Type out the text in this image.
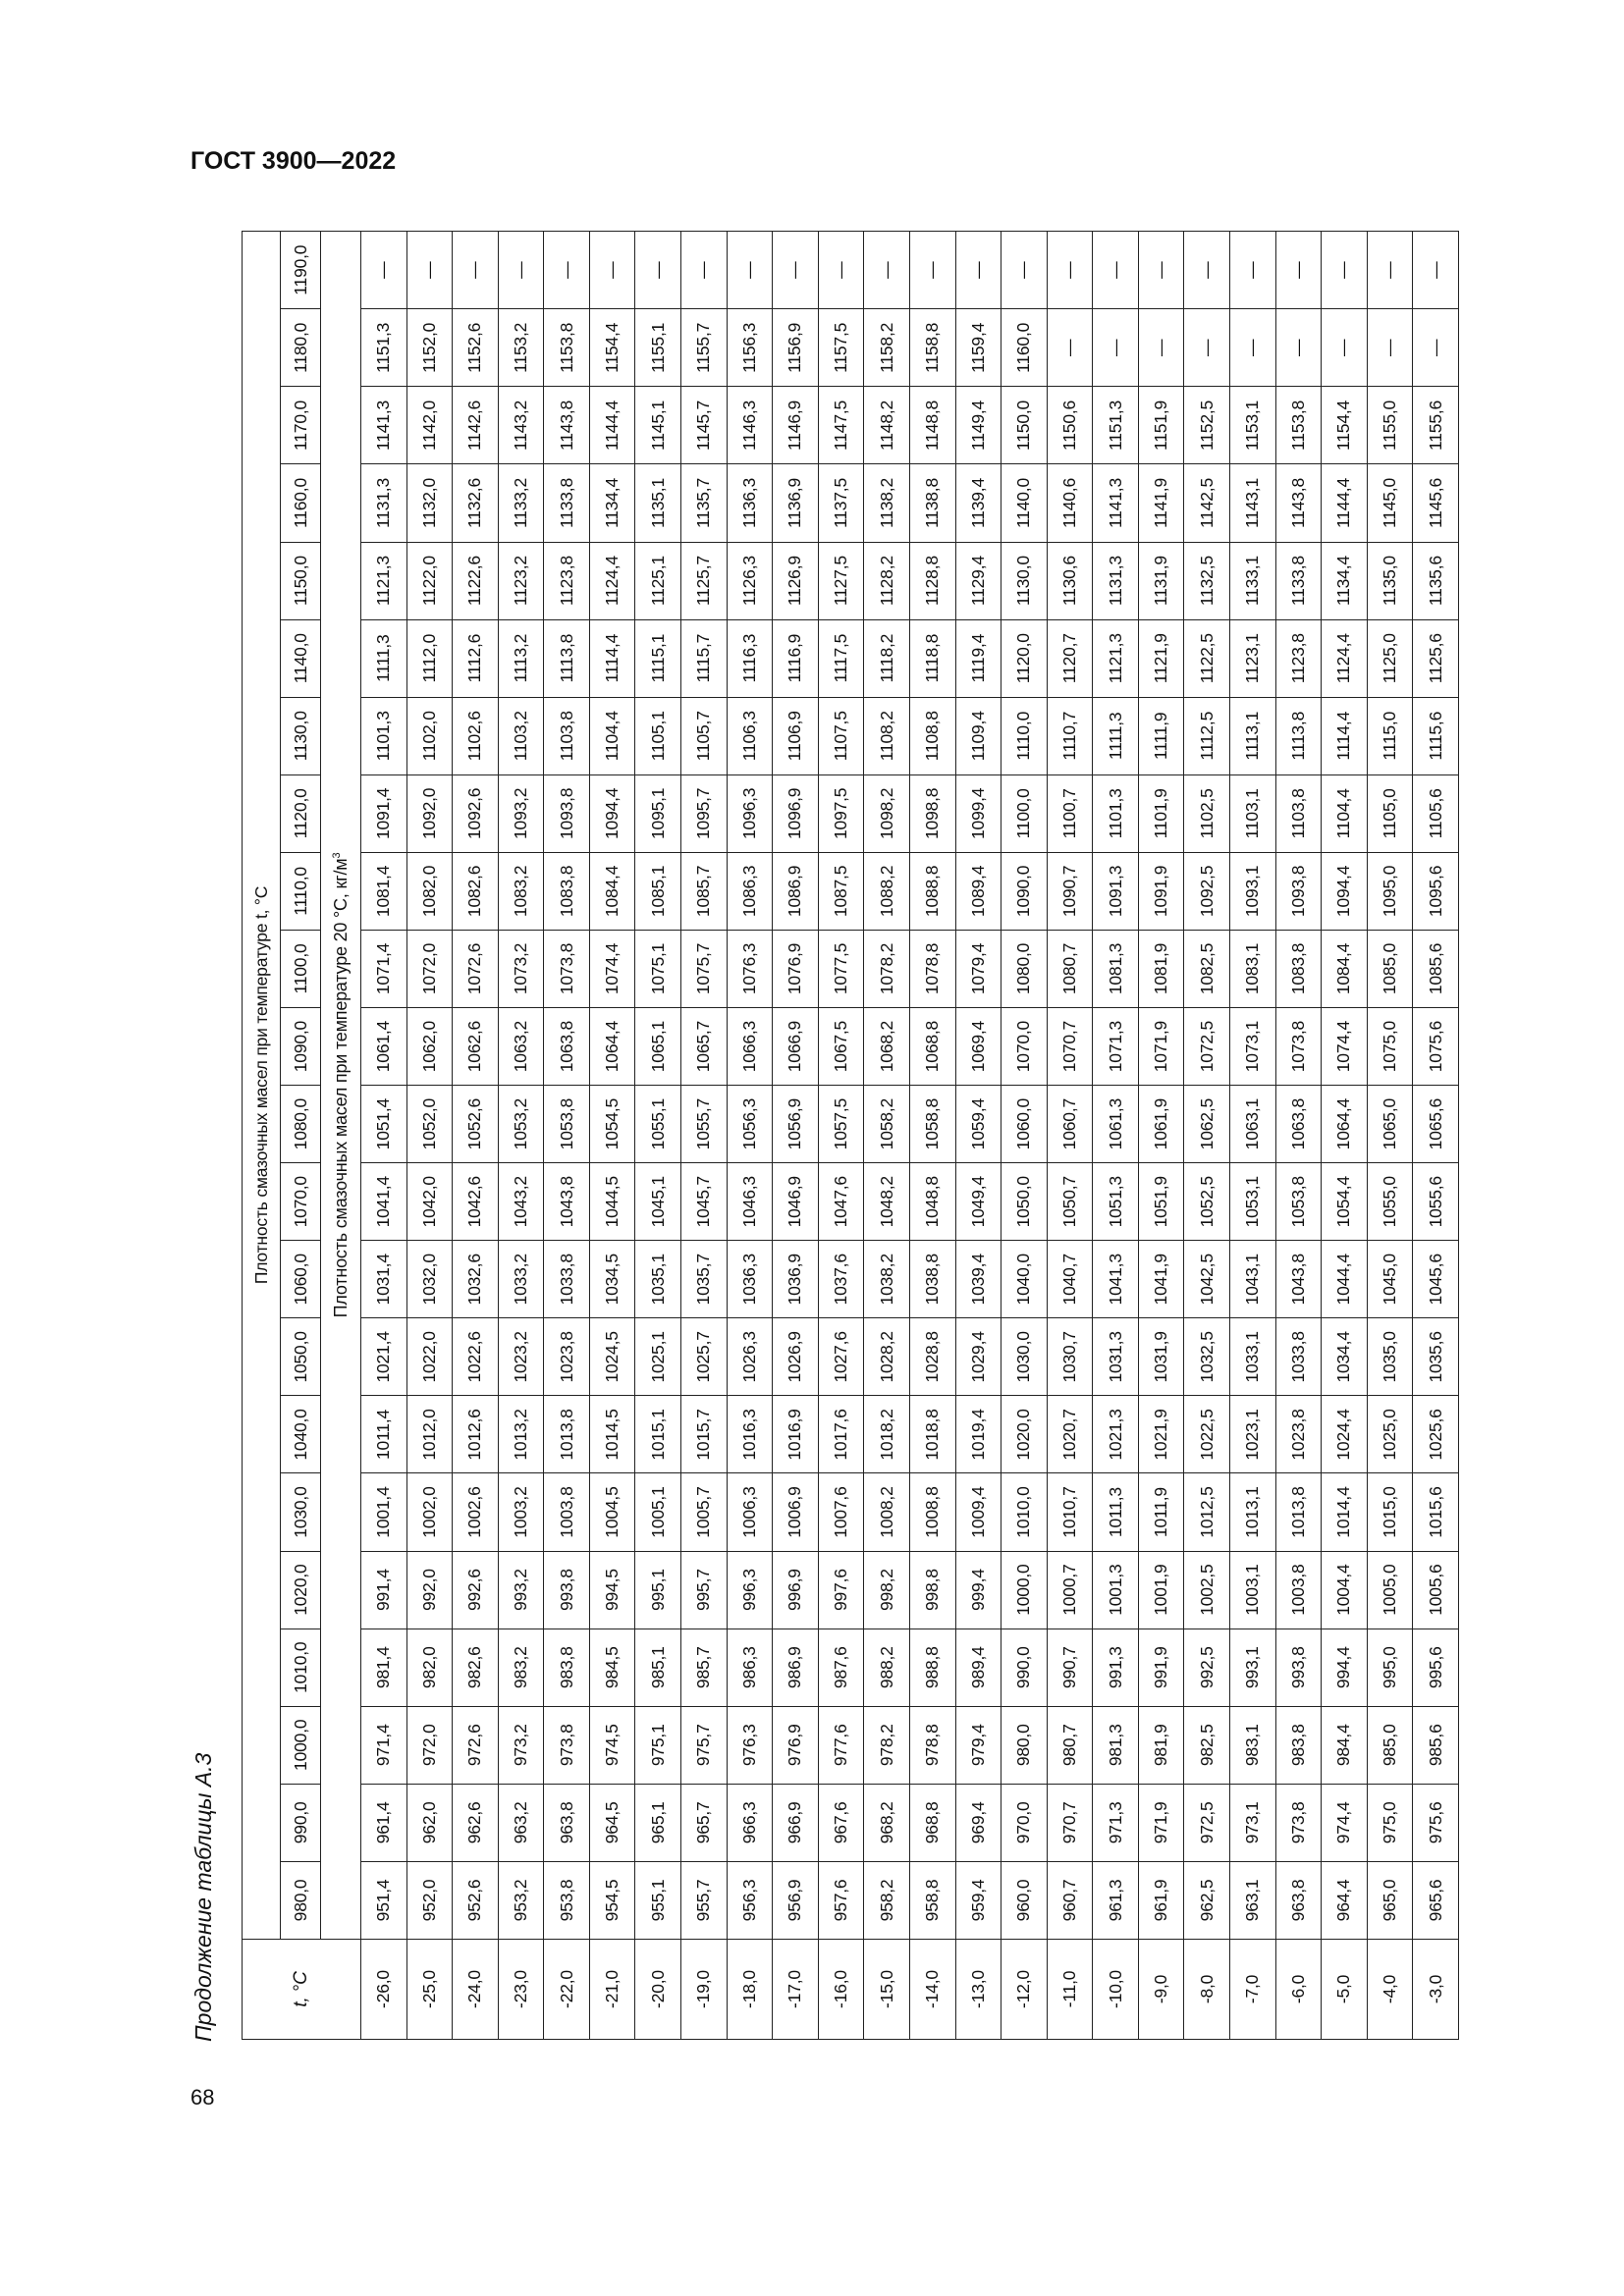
ГОСТ 3900—2022
Продолжение таблицы А.3
68
t, °C	Плотность смазочных масел при температуре t, °C																					
	980,0	990,0	1000,0	1010,0	1020,0	1030,0	1040,0	1050,0	1060,0	1070,0	1080,0	1090,0	1100,0	1110,0	1120,0	1130,0	1140,0	1150,0	1160,0	1170,0	1180,0	1190,0
	Плотность смазочных масел при температуре 20 °C, $кг/м^3$
-26,0	951,4	961,4	971,4	981,4	991,4	1001,4	1011,4	1021,4	1031,4	1041,4	1051,4	1061,4	1071,4	1081,4	1091,4	1101,3	1111,3	1121,3	1131,3	1141,3	1151,3	—
-25,0	952,0	962,0	972,0	982,0	992,0	1002,0	1012,0	1022,0	1032,0	1042,0	1052,0	1062,0	1072,0	1082,0	1092,0	1102,0	1112,0	1122,0	1132,0	1142,0	1152,0	—
-24,0	952,6	962,6	972,6	982,6	992,6	1002,6	1012,6	1022,6	1032,6	1042,6	1052,6	1062,6	1072,6	1082,6	1092,6	1102,6	1112,6	1122,6	1132,6	1142,6	1152,6	—
-23,0	953,2	963,2	973,2	983,2	993,2	1003,2	1013,2	1023,2	1033,2	1043,2	1053,2	1063,2	1073,2	1083,2	1093,2	1103,2	1113,2	1123,2	1133,2	1143,2	1153,2	—
-22,0	953,8	963,8	973,8	983,8	993,8	1003,8	1013,8	1023,8	1033,8	1043,8	1053,8	1063,8	1073,8	1083,8	1093,8	1103,8	1113,8	1123,8	1133,8	1143,8	1153,8	—
-21,0	954,5	964,5	974,5	984,5	994,5	1004,5	1014,5	1024,5	1034,5	1044,5	1054,5	1064,4	1074,4	1084,4	1094,4	1104,4	1114,4	1124,4	1134,4	1144,4	1154,4	—
-20,0	955,1	965,1	975,1	985,1	995,1	1005,1	1015,1	1025,1	1035,1	1045,1	1055,1	1065,1	1075,1	1085,1	1095,1	1105,1	1115,1	1125,1	1135,1	1145,1	1155,1	—
-19,0	955,7	965,7	975,7	985,7	995,7	1005,7	1015,7	1025,7	1035,7	1045,7	1055,7	1065,7	1075,7	1085,7	1095,7	1105,7	1115,7	1125,7	1135,7	1145,7	1155,7	—
-18,0	956,3	966,3	976,3	986,3	996,3	1006,3	1016,3	1026,3	1036,3	1046,3	1056,3	1066,3	1076,3	1086,3	1096,3	1106,3	1116,3	1126,3	1136,3	1146,3	1156,3	—
-17,0	956,9	966,9	976,9	986,9	996,9	1006,9	1016,9	1026,9	1036,9	1046,9	1056,9	1066,9	1076,9	1086,9	1096,9	1106,9	1116,9	1126,9	1136,9	1146,9	1156,9	—
-16,0	957,6	967,6	977,6	987,6	997,6	1007,6	1017,6	1027,6	1037,6	1047,6	1057,5	1067,5	1077,5	1087,5	1097,5	1107,5	1117,5	1127,5	1137,5	1147,5	1157,5	—
-15,0	958,2	968,2	978,2	988,2	998,2	1008,2	1018,2	1028,2	1038,2	1048,2	1058,2	1068,2	1078,2	1088,2	1098,2	1108,2	1118,2	1128,2	1138,2	1148,2	1158,2	—
-14,0	958,8	968,8	978,8	988,8	998,8	1008,8	1018,8	1028,8	1038,8	1048,8	1058,8	1068,8	1078,8	1088,8	1098,8	1108,8	1118,8	1128,8	1138,8	1148,8	1158,8	—
-13,0	959,4	969,4	979,4	989,4	999,4	1009,4	1019,4	1029,4	1039,4	1049,4	1059,4	1069,4	1079,4	1089,4	1099,4	1109,4	1119,4	1129,4	1139,4	1149,4	1159,4	—
-12,0	960,0	970,0	980,0	990,0	1000,0	1010,0	1020,0	1030,0	1040,0	1050,0	1060,0	1070,0	1080,0	1090,0	1100,0	1110,0	1120,0	1130,0	1140,0	1150,0	1160,0	—
-11,0	960,7	970,7	980,7	990,7	1000,7	1010,7	1020,7	1030,7	1040,7	1050,7	1060,7	1070,7	1080,7	1090,7	1100,7	1110,7	1120,7	1130,6	1140,6	1150,6	—	—
-10,0	961,3	971,3	981,3	991,3	1001,3	1011,3	1021,3	1031,3	1041,3	1051,3	1061,3	1071,3	1081,3	1091,3	1101,3	1111,3	1121,3	1131,3	1141,3	1151,3	—	—
-9,0	961,9	971,9	981,9	991,9	1001,9	1011,9	1021,9	1031,9	1041,9	1051,9	1061,9	1071,9	1081,9	1091,9	1101,9	1111,9	1121,9	1131,9	1141,9	1151,9	—	—
-8,0	962,5	972,5	982,5	992,5	1002,5	1012,5	1022,5	1032,5	1042,5	1052,5	1062,5	1072,5	1082,5	1092,5	1102,5	1112,5	1122,5	1132,5	1142,5	1152,5	—	—
-7,0	963,1	973,1	983,1	993,1	1003,1	1013,1	1023,1	1033,1	1043,1	1053,1	1063,1	1073,1	1083,1	1093,1	1103,1	1113,1	1123,1	1133,1	1143,1	1153,1	—	—
-6,0	963,8	973,8	983,8	993,8	1003,8	1013,8	1023,8	1033,8	1043,8	1053,8	1063,8	1073,8	1083,8	1093,8	1103,8	1113,8	1123,8	1133,8	1143,8	1153,8	—	—
-5,0	964,4	974,4	984,4	994,4	1004,4	1014,4	1024,4	1034,4	1044,4	1054,4	1064,4	1074,4	1084,4	1094,4	1104,4	1114,4	1124,4	1134,4	1144,4	1154,4	—	—
-4,0	965,0	975,0	985,0	995,0	1005,0	1015,0	1025,0	1035,0	1045,0	1055,0	1065,0	1075,0	1085,0	1095,0	1105,0	1115,0	1125,0	1135,0	1145,0	1155,0	—	—
-3,0	965,6	975,6	985,6	995,6	1005,6	1015,6	1025,6	1035,6	1045,6	1055,6	1065,6	1075,6	1085,6	1095,6	1105,6	1115,6	1125,6	1135,6	1145,6	1155,6	—	—
